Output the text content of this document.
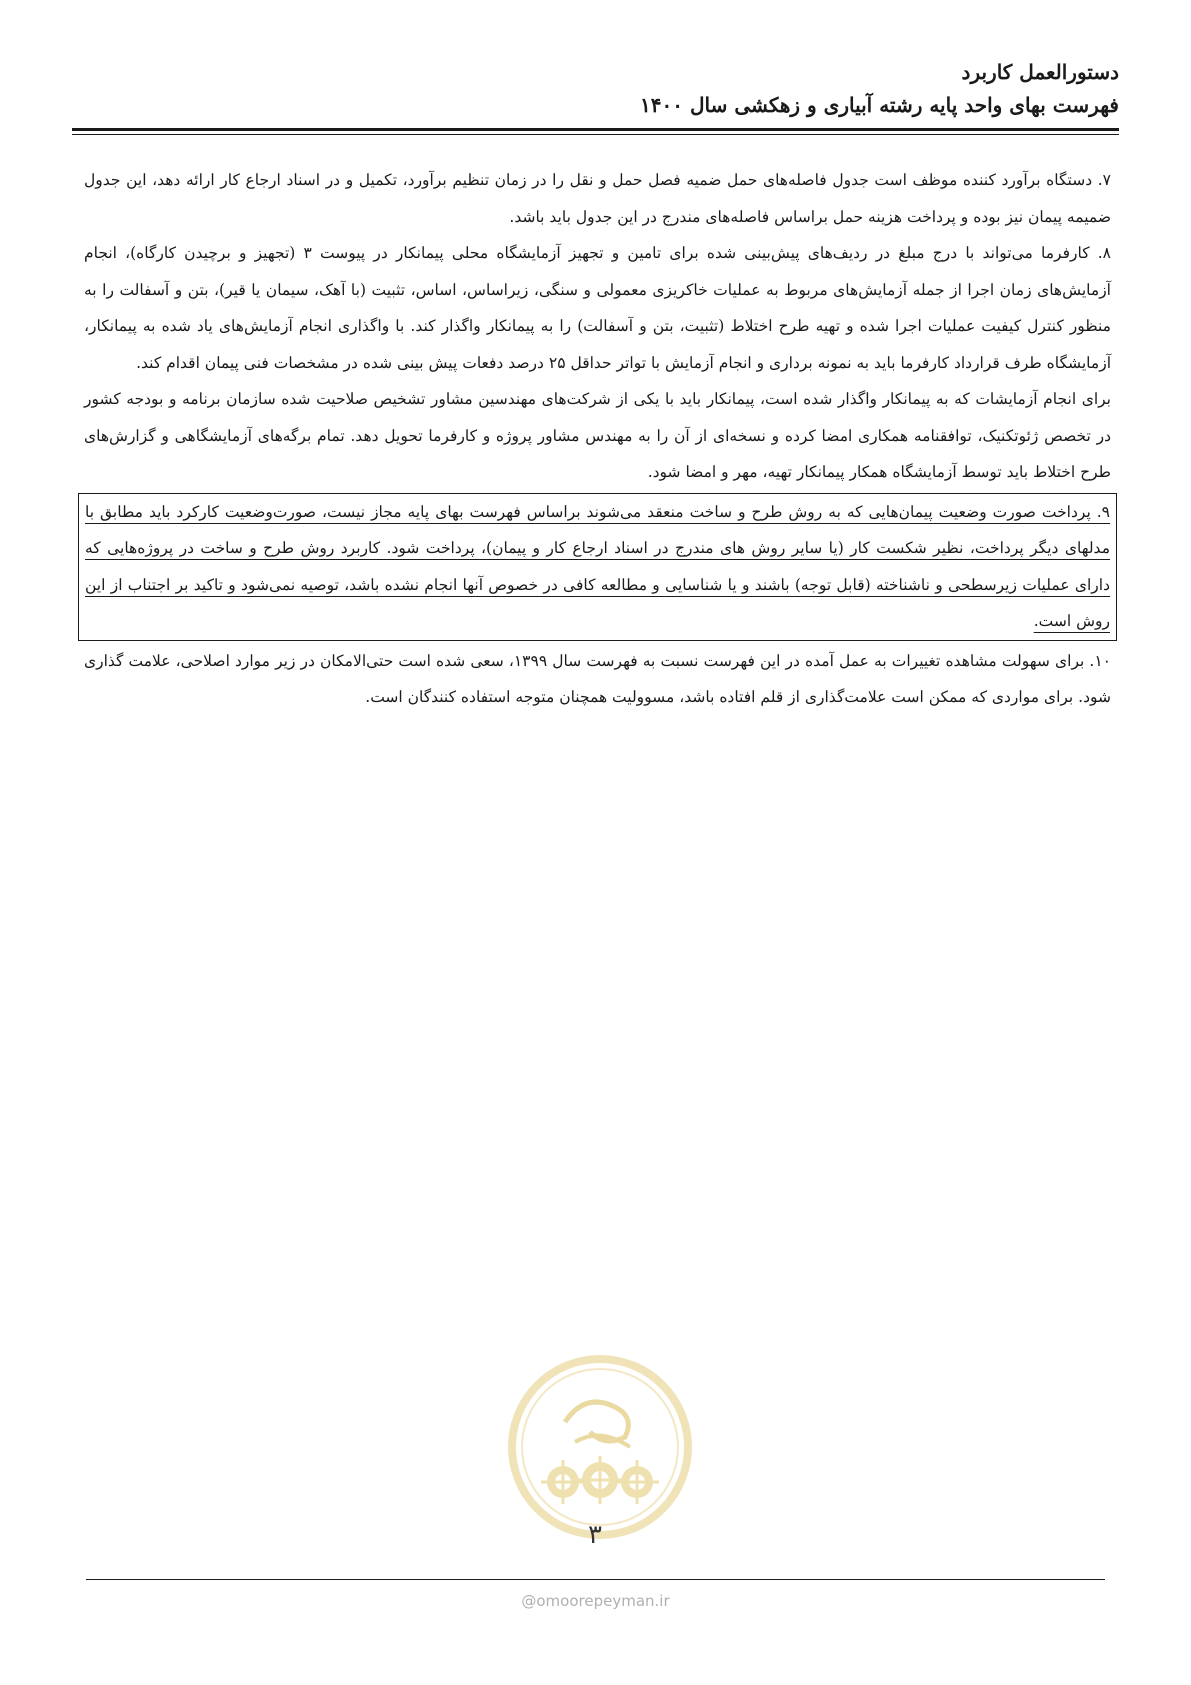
دستورالعمل کاربرد
فهرست بهای واحد پایه رشته آبیاری و زهکشی سال ۱۴۰۰

۷. دستگاه برآورد کننده موظف است جدول فاصله‌های حمل ضمیه فصل حمل و نقل را در زمان تنظیم برآورد، تکمیل و در اسناد ارجاع کار ارائه دهد، این جدول ضمیمه پیمان نیز بوده و پرداخت هزینه حمل براساس فاصله‌های مندرج در این جدول باید باشد.

۸. کارفرما می‌تواند با درج مبلغ در ردیف‌های پیش‌بینی شده برای تامین و تجهیز آزمایشگاه محلی پیمانکار در پیوست ۳ (تجهیز و برچیدن کارگاه)، انجام آزمایش‌های زمان اجرا از جمله آزمایش‌های مربوط به عملیات خاکریزی معمولی و سنگی، زیراساس، اساس، تثبیت (با آهک، سیمان یا قیر)، بتن و آسفالت را به منظور کنترل کیفیت عملیات اجرا شده و تهیه طرح اختلاط (تثبیت، بتن و آسفالت) را به پیمانکار واگذار کند. با واگذاری انجام آزمایش‌های یاد شده به پیمانکار، آزمایشگاه طرف قرارداد کارفرما باید به نمونه برداری و انجام آزمایش با تواتر حداقل ۲۵ درصد دفعات پیش بینی شده در مشخصات فنی پیمان اقدام کند.

برای انجام آزمایشات که به پیمانکار واگذار شده است، پیمانکار باید با یکی از شرکت‌های مهندسین مشاور تشخیص صلاحیت شده سازمان برنامه و بودجه کشور در تخصص ژئوتکنیک، توافقنامه همکاری امضا کرده و نسخه‌ای از آن را به مهندس مشاور پروژه و کارفرما تحویل دهد. تمام برگه‌های آزمایشگاهی و گزارش‌های طرح اختلاط باید توسط آزمایشگاه همکار پیمانکار تهیه، مهر و امضا شود.

۹. پرداخت صورت وضعیت پیمان‌هایی که به روش طرح و ساخت منعقد می‌شوند براساس فهرست بهای پایه مجاز نیست، صورت‌وضعیت کارکرد باید مطابق با مدلهای دیگر پرداخت، نظیر شکست کار (یا سایر روش های مندرج در اسناد ارجاع کار و پیمان)، پرداخت شود. کاربرد روش طرح و ساخت در پروژه‌هایی که دارای عملیات زیرسطحی و ناشناخته (قابل توجه) باشند و یا شناسایی و مطالعه کافی در خصوص آنها انجام نشده باشد، توصیه نمی‌شود و تاکید بر اجتناب از این روش است.

۱۰. برای سهولت مشاهده تغییرات به عمل آمده در این فهرست نسبت به فهرست سال ۱۳۹۹، سعی شده است حتی‌الامکان در زیر موارد اصلاحی، علامت گذاری شود. برای مواردی که ممکن است علامت‌گذاری از قلم افتاده باشد، مسوولیت همچنان متوجه استفاده کنندگان است.

۳
@omoorepeyman.ir
